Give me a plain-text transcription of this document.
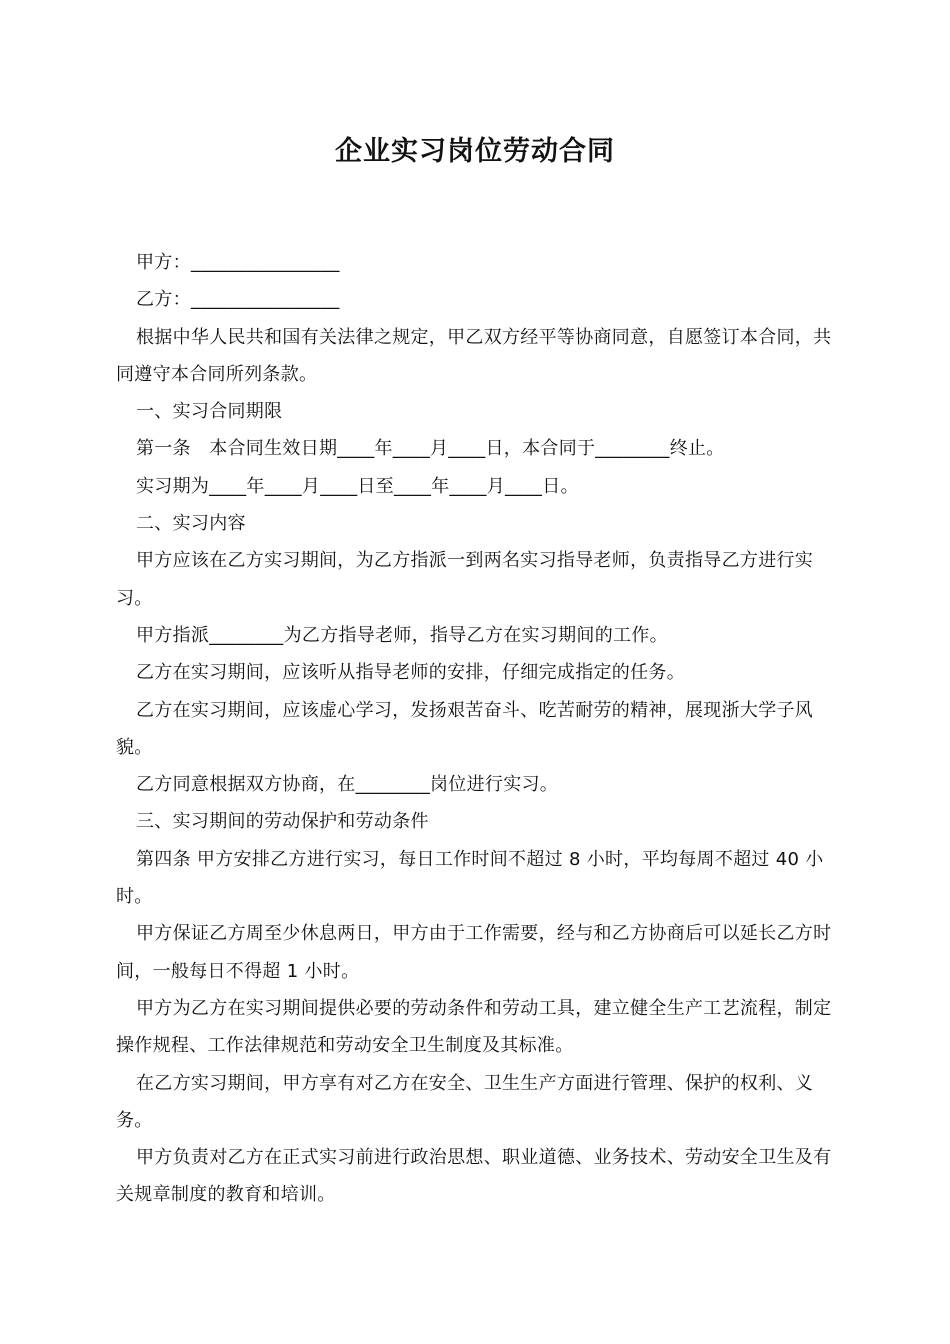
企业实习岗位劳动合同

甲方：________________

乙方：________________

根据中华人民共和国有关法律之规定，甲乙双方经平等协商同意，自愿签订本合同，共同遵守本合同所列条款。

一、实习合同期限

第一条　本合同生效日期____年____月____日，本合同于________终止。

实习期为____年____月____日至____年____月____日。

二、实习内容

甲方应该在乙方实习期间，为乙方指派一到两名实习指导老师，负责指导乙方进行实习。

甲方指派________为乙方指导老师，指导乙方在实习期间的工作。

乙方在实习期间，应该听从指导老师的安排，仔细完成指定的任务。

乙方在实习期间，应该虚心学习，发扬艰苦奋斗、吃苦耐劳的精神，展现浙大学子风貌。

乙方同意根据双方协商，在________岗位进行实习。

三、实习期间的劳动保护和劳动条件

第四条 甲方安排乙方进行实习，每日工作时间不超过 8 小时，平均每周不超过 40 小时。

甲方保证乙方周至少休息两日，甲方由于工作需要，经与和乙方协商后可以延长乙方时间，一般每日不得超 1 小时。

甲方为乙方在实习期间提供必要的劳动条件和劳动工具，建立健全生产工艺流程，制定操作规程、工作法律规范和劳动安全卫生制度及其标准。

在乙方实习期间，甲方享有对乙方在安全、卫生生产方面进行管理、保护的权利、义务。

甲方负责对乙方在正式实习前进行政治思想、职业道德、业务技术、劳动安全卫生及有关规章制度的教育和培训。
